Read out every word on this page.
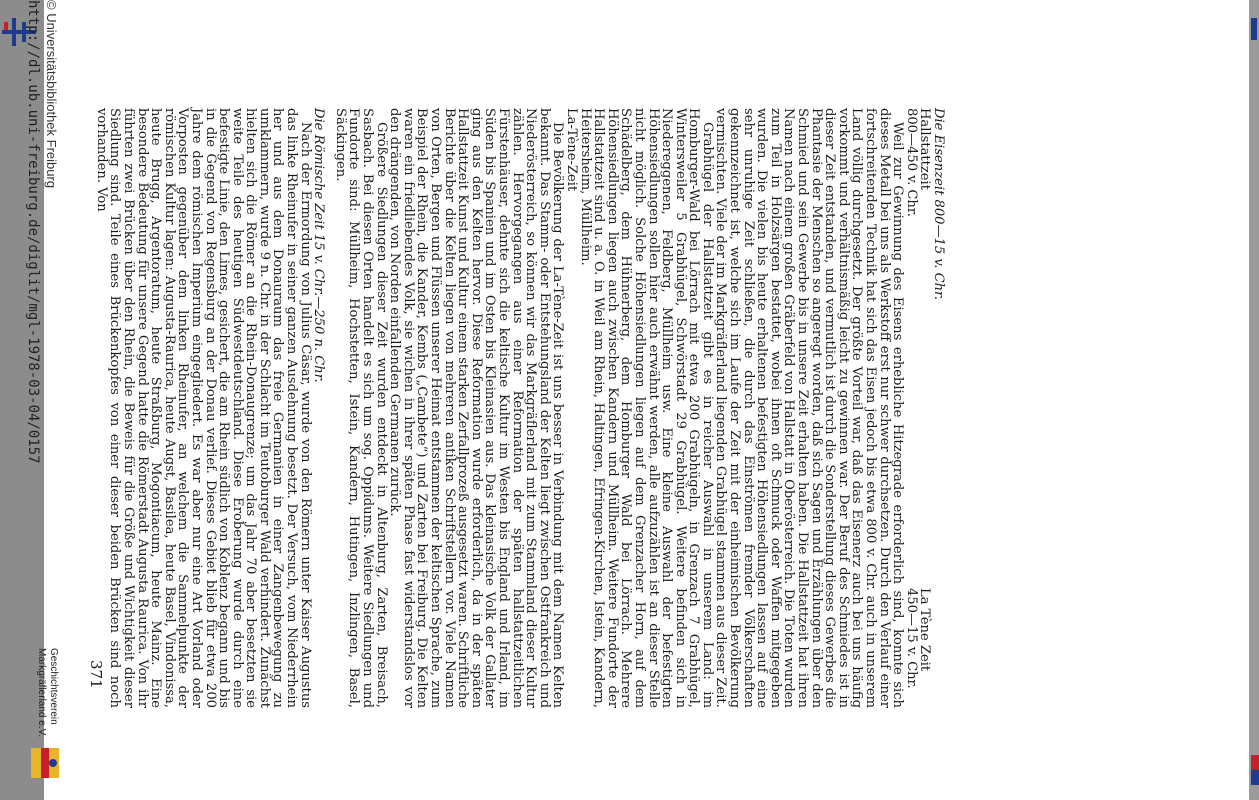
Die Eisenzeit 800—15 v. Chr.

Hallstattzeit
La Tène Zeit
800—450 v. Chr.
450—15 v. Chr.

Weil zur Gewinnung des Eisens erhebliche Hitzegrade erforderlich sind, konnte sich dieses Metall bei uns als Werkstoff erst nur schwer durchsetzen. Durch den Verlauf einer fortschreitenden Technik hat sich das Eisen jedoch bis etwa 800 v. Chr. auch in unserem Land völlig durchgesetzt. Der größte Vorteil war, daß das Eisenerz auch bei uns häufig vorkommt und verhältnismäßig leicht zu gewinnen war. Der Beruf des Schmiedes ist in dieser Zeit entstanden, und vermutlich ist durch die Sonderstellung dieses Gewerbes die Phantasie der Menschen so angeregt worden, daß sich Sagen und Erzählungen über den Schmied und sein Gewerbe bis in unsere Zeit erhalten haben. Die Hallstattzeit hat ihren Namen nach einem großen Gräberfeld von Hallstatt in Oberösterreich. Die Toten wurden zum Teil in Holzsärgen bestattet, wobei ihnen oft Schmuck oder Waffen mitgegeben wurden. Die vielen bis heute erhaltenen befestigten Höhensiedlungen lassen auf eine sehr unruhige Zeit schließen, die durch das Einströmen fremder Völkerschaften gekennzeichnet ist, welche sich im Laufe der Zeit mit der einheimischen Bevölkerung vermischten. Viele der im Markgräflerland liegenden Grabhügel stammen aus dieser Zeit.

Grabhügel der Hallstattzeit gibt es in reicher Auswahl in unserem Land: im Homburger-Wald bei Lörrach mit etwa 200 Grabhügeln, in Grenzach 7 Grabhügel, Wintersweiler 5 Grabhügel, Schwörstadt 29 Grabhügel. Weitere befinden sich in Niedereggenen, Feldberg, Müllheim usw. Eine kleine Auswahl der befestigten Höhensiedlungen sollen hier auch erwähnt werden, alle aufzuzählen ist an dieser Stelle nicht möglich. Solche Höhensiedlungen liegen auf dem Grenzacher Horn, auf dem Schädelberg, dem Hühnerberg, dem Homburger Wald bei Lörrach. Mehrere Höhensiedlungen liegen auch zwischen Kandern und Müllheim. Weitere Fundorte der Hallstattzeit sind u. a. O. in Weil am Rhein, Haltingen, Efringen-Kirchen, Istein, Kandern, Heitersheim, Müllheim.

La-Tène-Zeit

Die Bevölkerung der La-Tène-Zeit ist uns besser in Verbindung mit dem Namen Kelten bekannt. Das Stamm- oder Entstehungsland der Kelten liegt zwischen Ostfrankreich und Niederösterreich, so können wir das Markgräflerland mit zum Stammland dieser Kultur zählen. Hervorgegangen aus einer Reformation der späten hallstattzeitlichen Fürstenhäuser, dehnte sich die keltische Kultur im Westen bis England und Irland, im Süden bis Spanien und im Osten bis Kleinasien aus. Das kleinasische Volk der Gallater ging aus den Kelten hervor. Diese Reformation wurde erforderlich, da in der späten Hallstattzeit Kunst und Kultur einem starken Zerfallprozeß ausgesetzt waren. Schriftliche Berichte über die Kelten liegen von mehreren antiken Schriftstellern vor. Viele Namen von Orten, Bergen und Flüssen unserer Heimat entstammen der keltischen Sprache, zum Beispiel der Rhein, die Kander, Kembs („Cambete“) und Zarten bei Freiburg. Die Kelten waren ein friedliebendes Volk, sie wichen in ihrer späten Phase fast widerstandslos vor den drängenden, von Norden einfallenden Germanen zurück.

Größere Siedlungen dieser Zeit wurden entdeckt in Altenburg, Zarten, Breisach, Sasbach. Bei diesen Orten handelt es sich um sog. Oppidums. Weitere Siedlungen und Fundorte sind: Müllheim, Hochstetten, Istein, Kandern, Hutingen, Inzlingen, Basel, Säckingen.

Die Römische Zeit 15 v. Chr.—250 n. Chr.

Nach der Ermordung von Julius Cäsar, wurde von den Römern unter Kaiser Augustus das linke Rheinufer in seiner ganzen Ausdehnung besetzt. Der Versuch, vom Niederrhein her und aus dem Donauraum das freie Germanien in einer Zangenbewegung zu umklammern, wurde 9 n. Chr. in der Schlacht im Teutoburger Wald verhindert. Zunächst hielten sich die Römer an die Rhein-Donaugrenze; um das Jahr 70 aber besetzten sie weite Teile des heutigen Südwestdeutschland. Diese Eroberung wurde durch eine befestigte Linie, den Limes, gesichert, die am Rhein südlich von Koblenz begann und bis in die Gegend von Regensburg an der Donau verlief. Dieses Gebiet blieb für etwa 200 Jahre dem römischen Imperium eingegliedert. Es war aber nur eine Art Vorland oder Vorposten gegenüber dem linken Rheinufer, an welchem die Sammelpunkte der römischen Kultur lagen: Augusta-Raurica, heute Augst, Basilea, heute Basel, Vindonissa, heute Brugg, Argentoratum, heute Straßburg, Mogontiacum, heute Mainz. Eine besondere Bedeutung für unsere Gegend hatte die Römerstadt Augusta Raurica. Von ihr führten zwei Brücken über den Rhein, die Beweis für die Größe und Wichtigkeit dieser Siedlung sind. Teile eines Brückenkopfes von einer dieser beiden Brücken sind noch vorhanden. Von

371
© Universitätsbibliothek Freiburg
http://dl.ub.uni-freiburg.de/diglit/mgl-1978-03-04/0157
Geschichtsverein Markgräflerland e.V.
